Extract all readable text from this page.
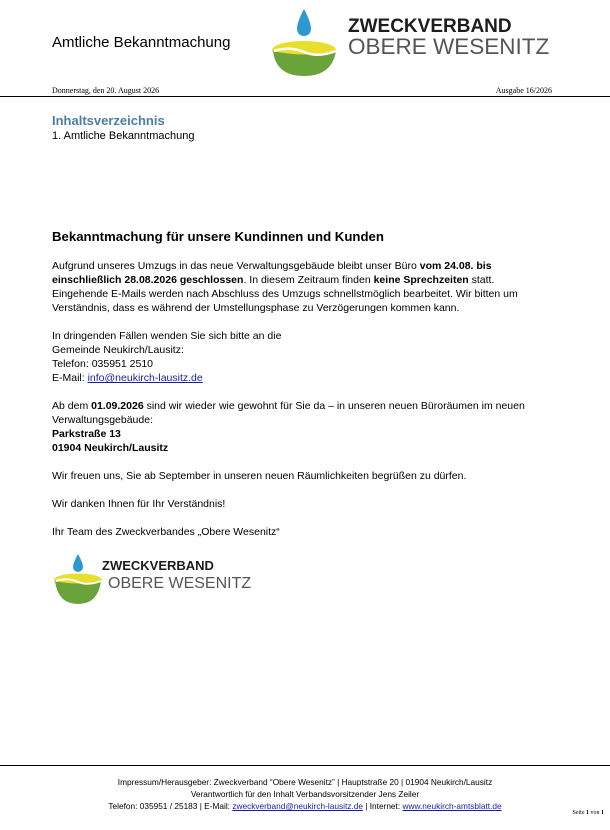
Amtliche Bekanntmachung
ZWECKVERBAND
OBERE WESENITZ
Donnerstag, den 20. August 2026	Ausgabe 16/2026
Inhaltsverzeichnis
1. Amtliche Bekanntmachung
Bekanntmachung für unsere Kundinnen und Kunden

Aufgrund unseres Umzugs in das neue Verwaltungsgebäude bleibt unser Büro vom 24.08. bis einschließlich 28.08.2026 geschlossen. In diesem Zeitraum finden keine Sprechzeiten statt. Eingehende E-Mails werden nach Abschluss des Umzugs schnellstmöglich bearbeitet. Wir bitten um Verständnis, dass es während der Umstellungsphase zu Verzögerungen kommen kann.

In dringenden Fällen wenden Sie sich bitte an die
Gemeinde Neukirch/Lausitz:
Telefon: 035951 2510
E-Mail: info@neukirch-lausitz.de

Ab dem 01.09.2026 sind wir wieder wie gewohnt für Sie da – in unseren neuen Büroräumen im neuen Verwaltungsgebäude:
Parkstraße 13
01904 Neukirch/Lausitz

Wir freuen uns, Sie ab September in unseren neuen Räumlichkeiten begrüßen zu dürfen.

Wir danken Ihnen für Ihr Verständnis!

Ihr Team des Zweckverbandes „Obere Wesenitz“

ZWECKVERBAND
OBERE WESENITZ
Impressum/Herausgeber: Zweckverband “Obere Wesenitz” | Hauptstraße 20 | 01904 Neukirch/Lausitz
Verantwortlich für den Inhalt Verbandsvorsitzender Jens Zeiler
Telefon: 035951 / 25183 | E-Mail: zweckverband@neukirch-lausitz.de | Internet: www.neukirch-amtsblatt.de
Seite 1 von 1
